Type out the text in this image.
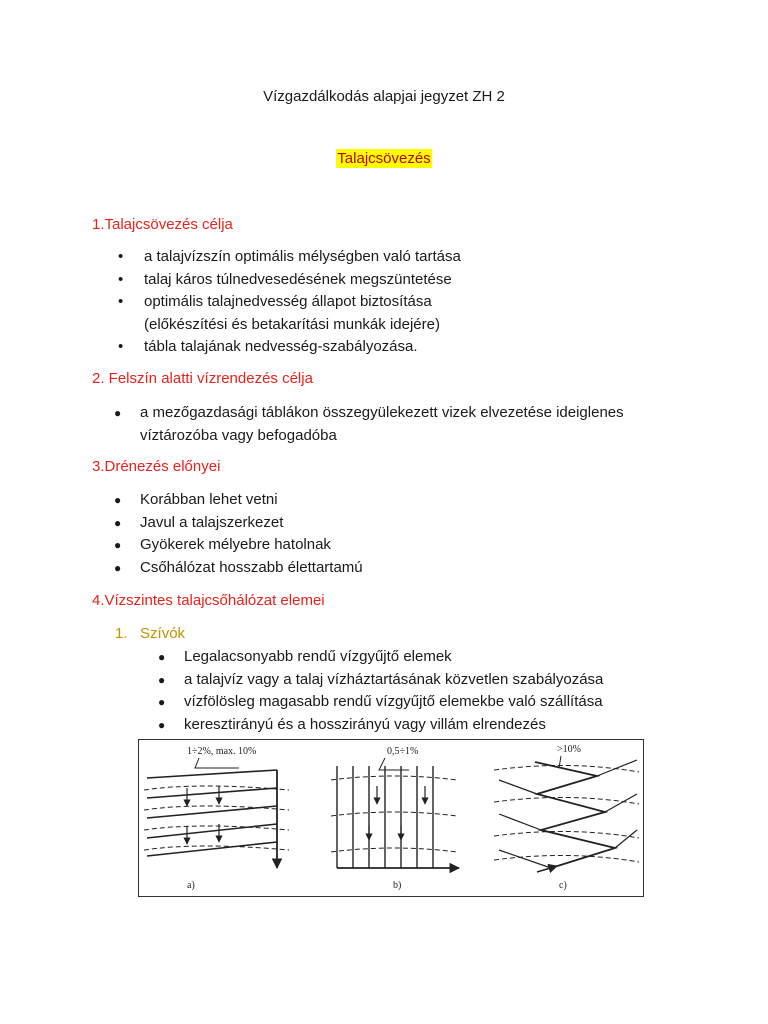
Vízgazdálkodás alapjai jegyzet ZH 2
Talajcsövezés
1.Talajcsövezés célja
• a talajvízszín optimális mélységben való tartása
• talaj káros túlnedvesedésének megszüntetése
• optimális talajnedvesség állapot biztosítása
(előkészítési és betakarítási munkák idejére)
• tábla talajának nedvesség-szabályozása.
2. Felszín alatti vízrendezés célja
● a mezőgazdasági táblákon összegyülekezett vizek elvezetése ideiglenes
víztározóba vagy befogadóba
3.Drénezés előnyei
● Korábban lehet vetni
● Javul a talajszerkezet
● Gyökerek mélyebre hatolnak
● Csőhálózat hosszabb élettartamú
4.Vízszintes talajcsőhálózat elemei
1. Szívók
● Legalacsonyabb rendű vízgyűjtő elemek
● a talajvíz vagy a talaj vízháztartásának közvetlen szabályozása
● vízfölösleg magasabb rendű vízgyűjtő elemekbe való szállítása
● keresztirányú és a hosszirányú vagy villám elrendezés
1÷2%, max. 10%
a)
0,5÷1%
b)
>10%
c)
